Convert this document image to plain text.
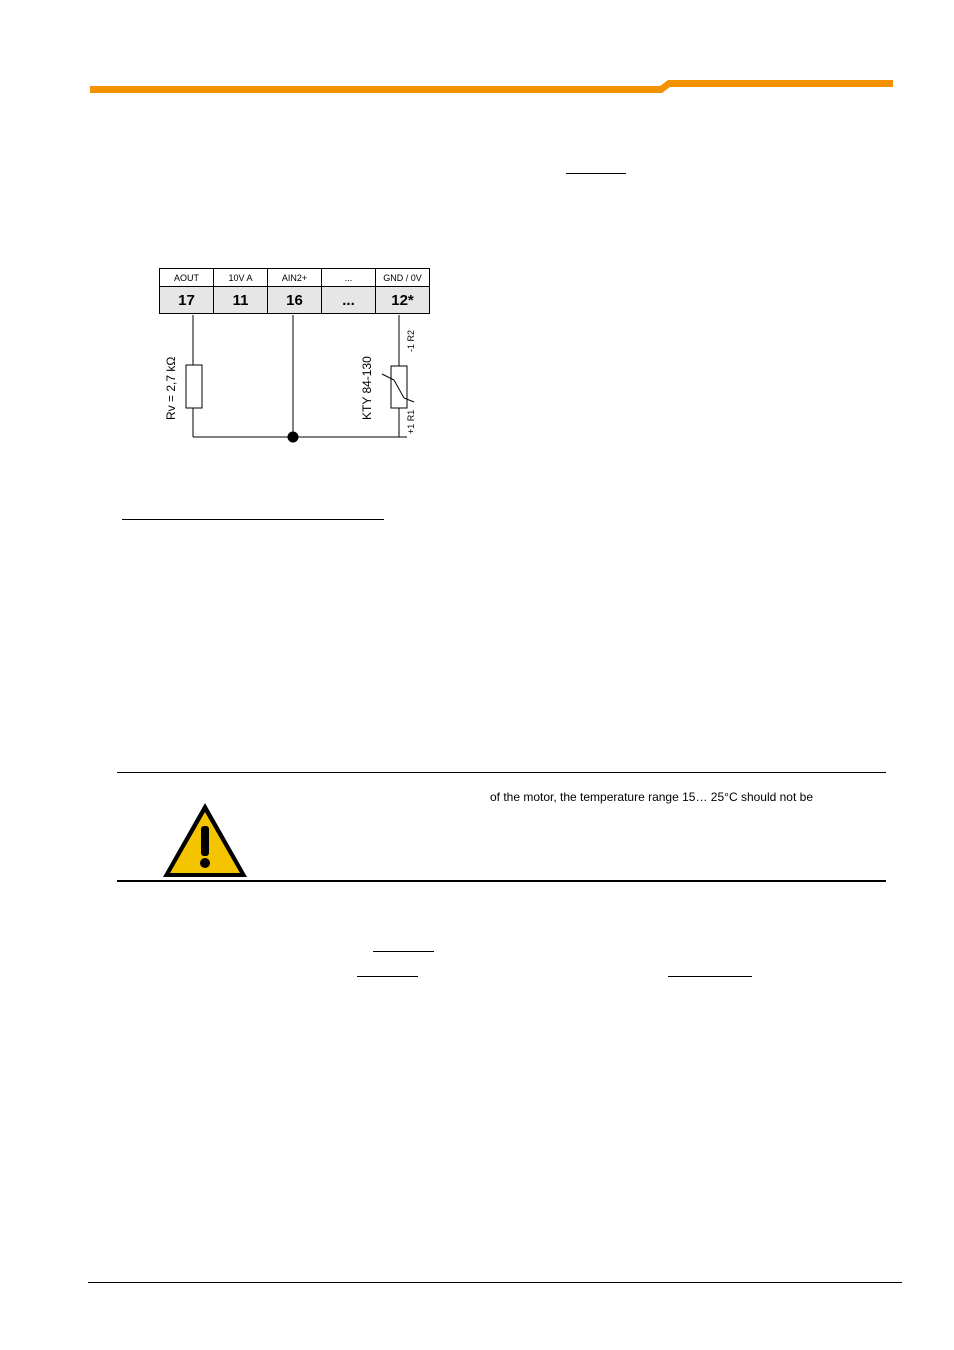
AOUT	10V A	AIN2+	...	GND / 0V
17	11	16	...	12*
Rv = 2,7 kΩ	KTY 84-130
-1 R2
+1 R1
of the motor, the temperature range 15… 25°C should not be
